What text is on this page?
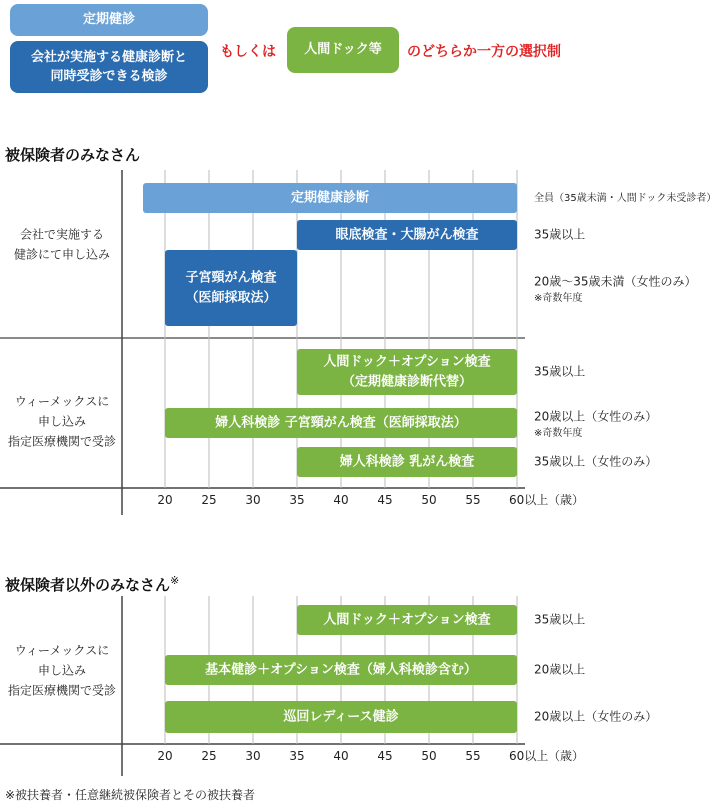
定期健診
会社が実施する健康診断と
同時受診できる検診
もしくは 人間ドック等 のどちらか一方の選択制
被保険者のみなさん
20 25 30 35 40 45 50 55 60以上 （歳）
会社で実施する健診にて申し込み
ウィーメックスに申し込み指定医療機関で受診
定期健康診断	全員（35歳未満・人間ドック未受診者）
眼底検査・大腸がん検査	35歳以上
子宮頸がん検査（医師採取法）
20歳～35歳未満（女性のみ）
※奇数年度
人間ドック＋オプション検査（定期健康診断代替）
35歳以上
婦人科検診 子宮頸がん検査（医師採取法）	20歳以上（女性のみ）
※奇数年度
婦人科検診 乳がん検査	35歳以上（女性のみ）
被保険者以外のみなさん※
20 25 30 35 40 45 50 55 60以上 （歳）
ウィーメックスに申し込み指定医療機関で受診
人間ドック＋オプション検査	35歳以上
基本健診＋オプション検査（婦人科検診含む）	20歳以上
巡回レディース健診	20歳以上（女性のみ）
※被扶養者・任意継続被保険者とその被扶養者
